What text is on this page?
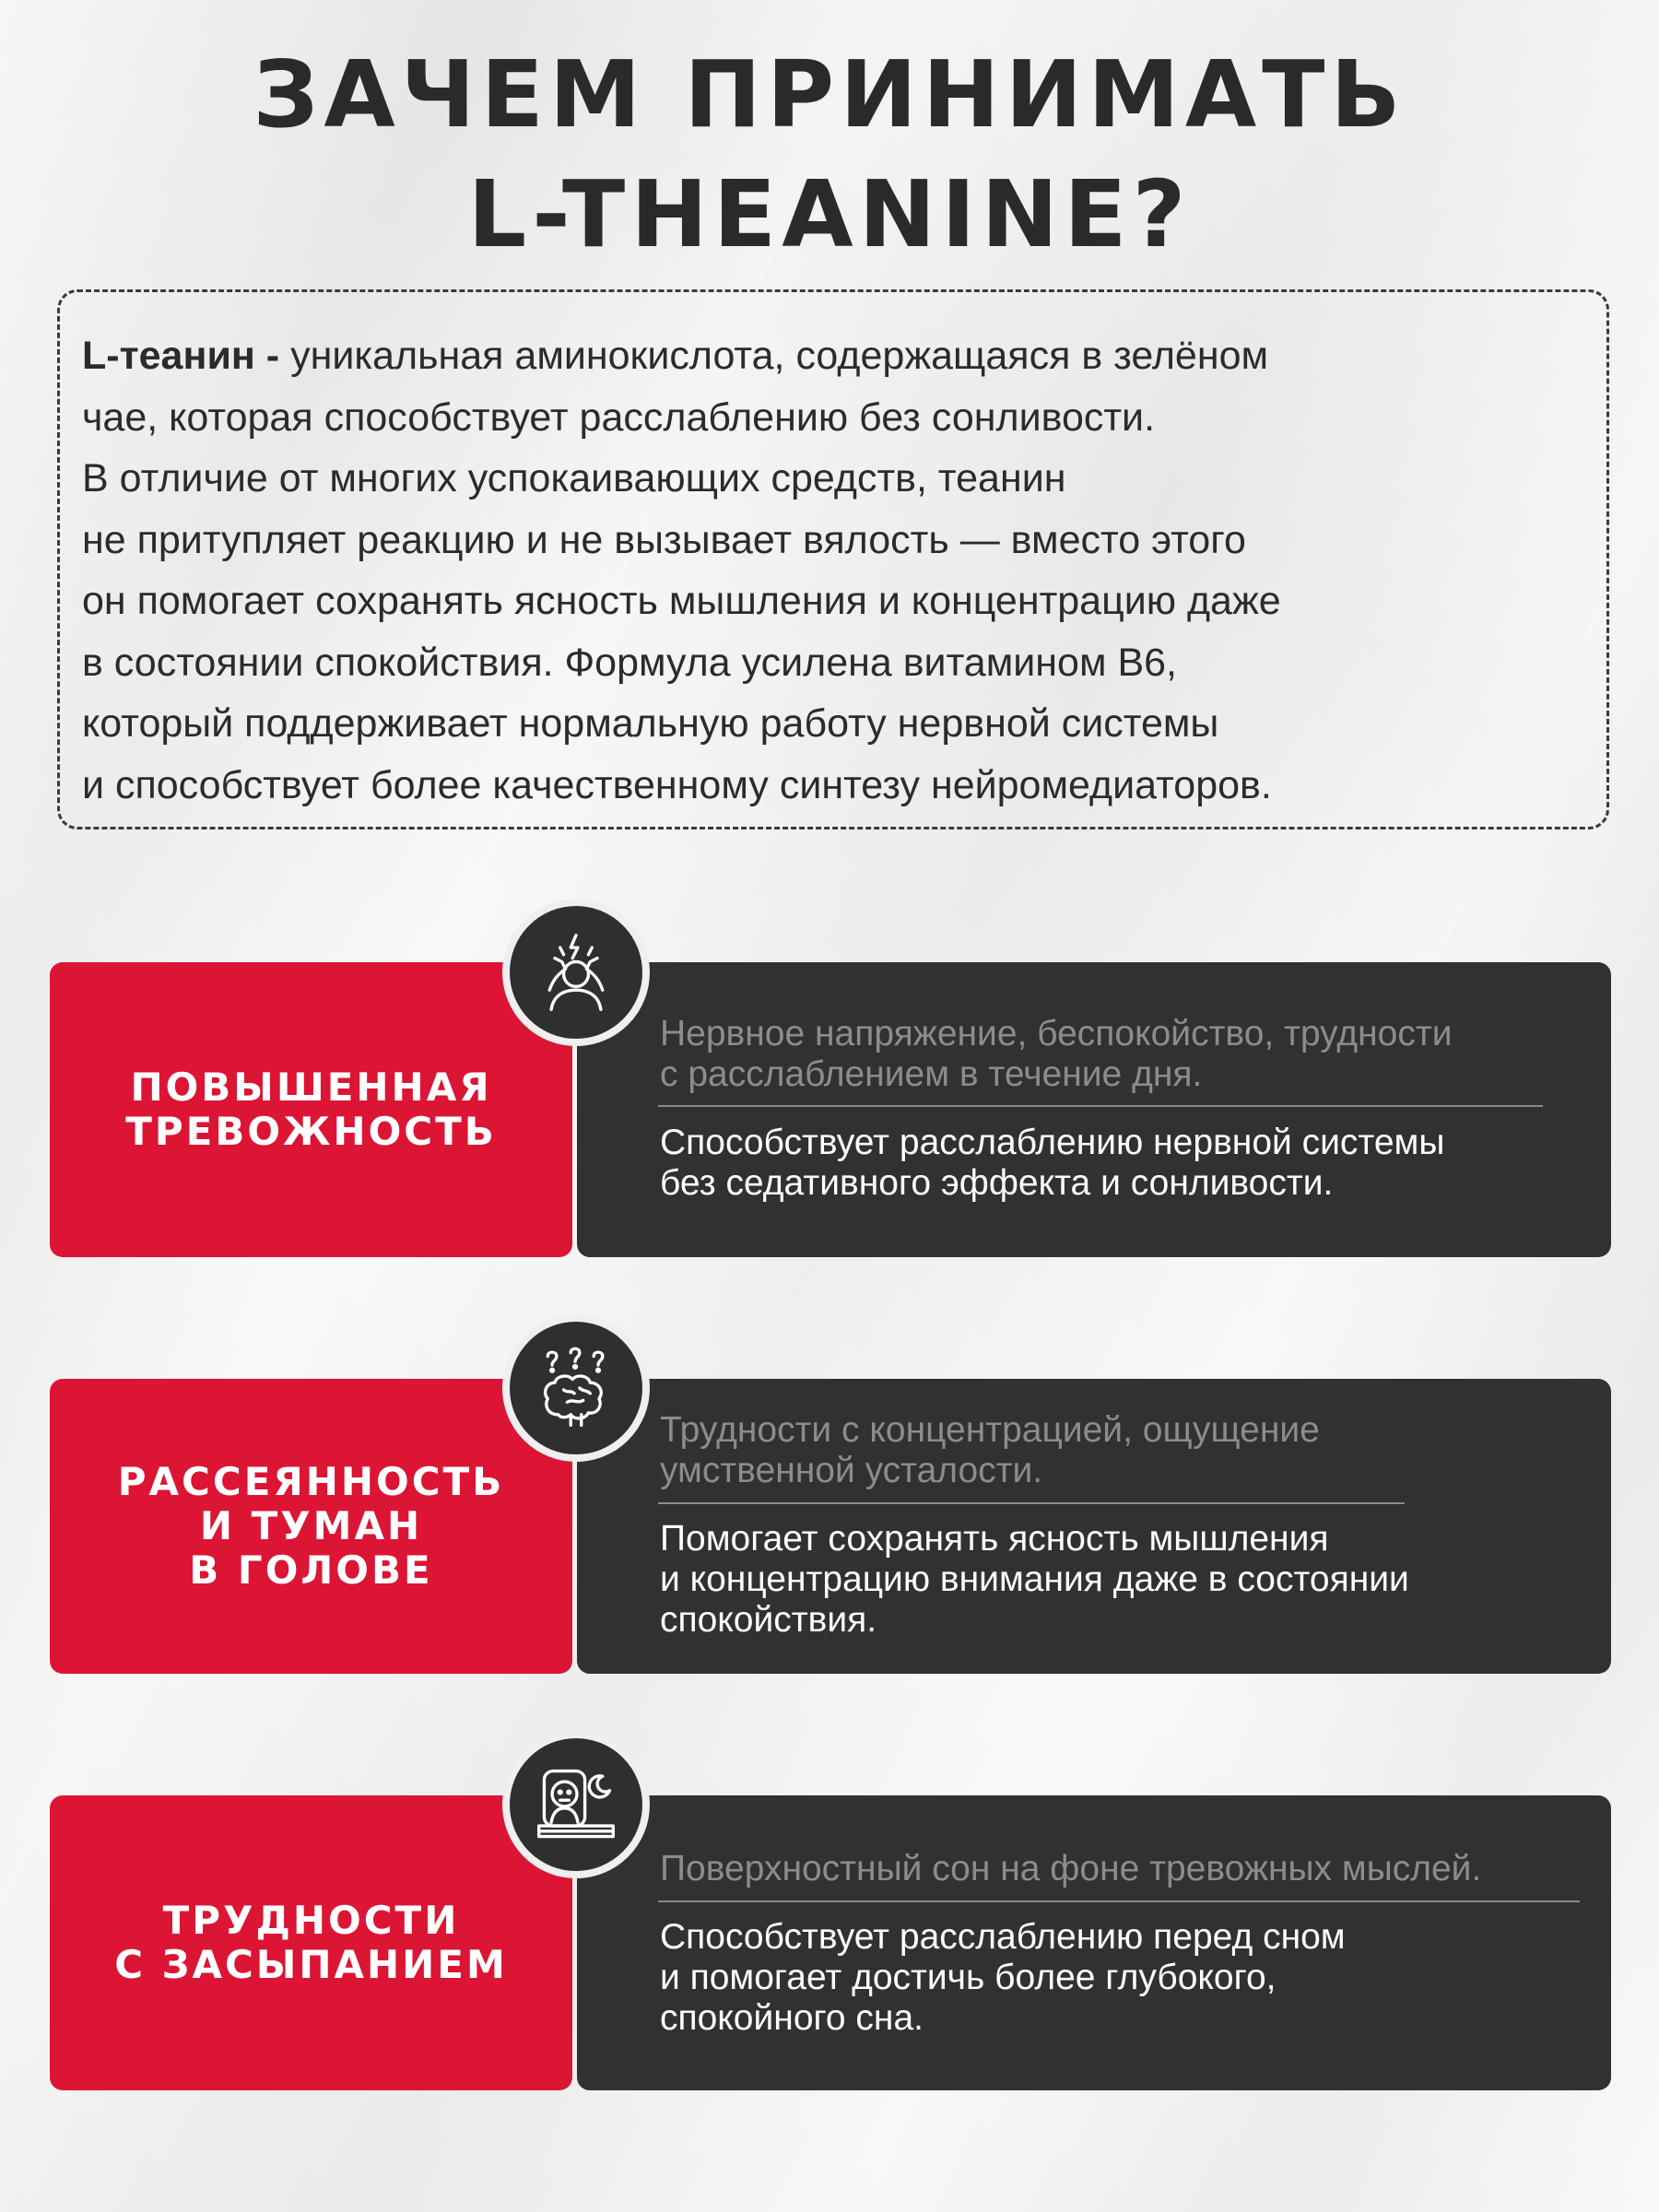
ЗАЧЕМ ПРИНИМАТЬ
L-THEANINE?
L-теанин - уникальная аминокислота, содержащаяся в зелёном
чае, которая способствует расслаблению без сонливости.
В отличие от многих успокаивающих средств, теанин
не притупляет реакцию и не вызывает вялость — вместо этого
он помогает сохранять ясность мышления и концентрацию даже
в состоянии спокойствия. Формула усилена витамином В6,
который поддерживает нормальную работу нервной системы
и способствует более качественному синтезу нейромедиаторов.
ПОВЫШЕННАЯ
ТРЕВОЖНОСТЬ
Нервное напряжение, беспокойство, трудности
с расслаблением в течение дня.
Способствует расслаблению нервной системы
без седативного эффекта и сонливости.
РАССЕЯННОСТЬ
И ТУМАН
В ГОЛОВЕ
Трудности с концентрацией, ощущение
умственной усталости.
Помогает сохранять ясность мышления
и концентрацию внимания даже в состоянии
спокойствия.
ТРУДНОСТИ
С ЗАСЫПАНИЕМ
Поверхностный сон на фоне тревожных мыслей.
Способствует расслаблению перед сном
и помогает достичь более глубокого,
спокойного сна.
